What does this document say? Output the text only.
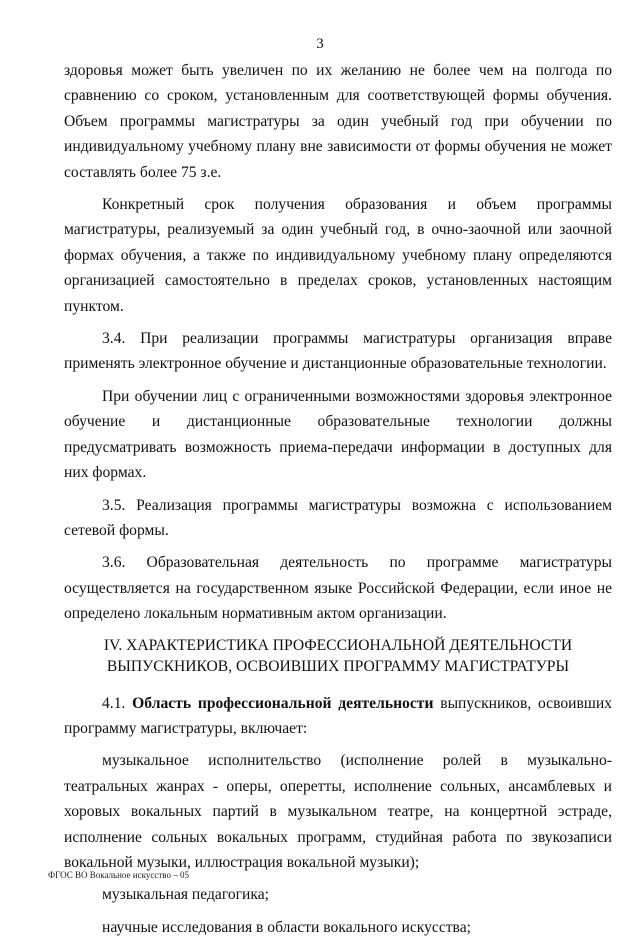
3

здоровья может быть увеличен по их желанию не более чем на полгода по сравнению со сроком, установленным для соответствующей формы обучения. Объем программы магистратуры за один учебный год при обучении по индивидуальному учебному плану вне зависимости от формы обучения не может составлять более 75 з.е.

Конкретный срок получения образования и объем программы магистратуры, реализуемый за один учебный год, в очно-заочной или заочной формах обучения, а также по индивидуальному учебному плану определяются организацией самостоятельно в пределах сроков, установленных настоящим пунктом.

3.4. При реализации программы магистратуры организация вправе применять электронное обучение и дистанционные образовательные технологии.

При обучении лиц с ограниченными возможностями здоровья электронное обучение и дистанционные образовательные технологии должны предусматривать возможность приема-передачи информации в доступных для них формах.

3.5. Реализация программы магистратуры возможна с использованием сетевой формы.

3.6. Образовательная деятельность по программе магистратуры осуществляется на государственном языке Российской Федерации, если иное не определено локальным нормативным актом организации.

IV. ХАРАКТЕРИСТИКА ПРОФЕССИОНАЛЬНОЙ ДЕЯТЕЛЬНОСТИ
ВЫПУСКНИКОВ, ОСВОИВШИХ ПРОГРАММУ МАГИСТРАТУРЫ

4.1. Область профессиональной деятельности выпускников, освоивших программу магистратуры, включает:

музыкальное исполнительство (исполнение ролей в музыкально-театральных жанрах - оперы, оперетты, исполнение сольных, ансамблевых и хоровых вокальных партий в музыкальном театре, на концертной эстраде, исполнение сольных вокальных программ, студийная работа по звукозаписи вокальной музыки, иллюстрация вокальной музыки);

музыкальная педагогика;

научные исследования в области вокального искусства;

ФГОС ВО Вокальное искусство – 05
